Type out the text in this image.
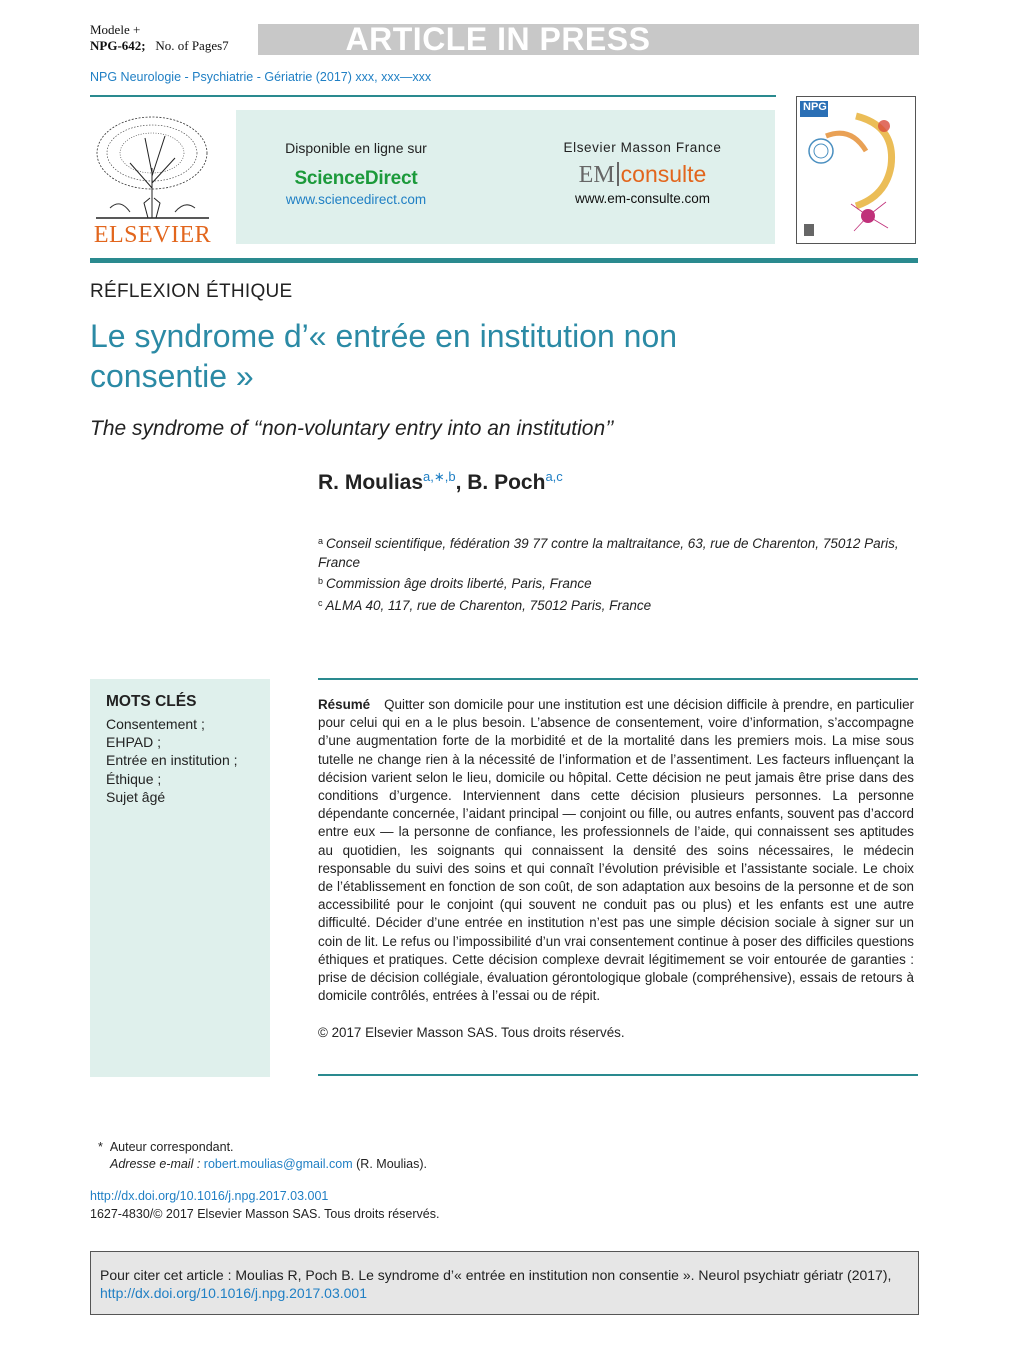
Modele +
NPG-642; No. of Pages7	ARTICLE IN PRESS
NPG Neurologie - Psychiatrie - Gériatrie (2017) xxx, xxx—xxx
ELSEVIER
Disponible en ligne sur
ScienceDirect
www.sciencedirect.com
Elsevier Masson France
EM consulte
www.em-consulte.com
NPG
RÉFLEXION ÉTHIQUE
Le syndrome d’« entrée en institution non
consentie »
The syndrome of ‘‘non-voluntary entry into an institution’’
R. Moulias$^{a,∗,b}$, B. Poch$^{a,c}$
$^a$ Conseil scientifique, fédération 39 77 contre la maltraitance, 63, rue de Charenton, 75012 Paris, France
$^b$ Commission âge droits liberté, Paris, France
$^c$ ALMA 40, 117, rue de Charenton, 75012 Paris, France
MOTS CLÉS
Consentement ;
EHPAD ;
Entrée en institution ;
Éthique ;
Sujet âgé
Résumé Quitter son domicile pour une institution est une décision difficile à prendre, en particulier pour celui qui en a le plus besoin. L’absence de consentement, voire d’information, s’accompagne d’une augmentation forte de la morbidité et de la mortalité dans les premiers mois. La mise sous tutelle ne change rien à la nécessité de l’information et de l’assentiment. Les facteurs influençant la décision varient selon le lieu, domicile ou hôpital. Cette décision ne peut jamais être prise dans des conditions d’urgence. Interviennent dans cette décision plusieurs personnes. La personne dépendante concernée, l’aidant principal — conjoint ou fille, ou autres enfants, souvent pas d’accord entre eux — la personne de confiance, les professionnels de l’aide, qui connaissent ses aptitudes au quotidien, les soignants qui connaissent la densité des soins nécessaires, le médecin responsable du suivi des soins et qui connaît l’évolution prévisible et l’assistante sociale. Le choix de l’établissement en fonction de son coût, de son adaptation aux besoins de la personne et de son accessibilité pour le conjoint (qui souvent ne conduit pas ou plus) et les enfants est une autre difficulté. Décider d’une entrée en institution n’est pas une simple décision sociale à signer sur un coin de lit. Le refus ou l’impossibilité d’un vrai consentement continue à poser des difficiles questions éthiques et pratiques. Cette décision complexe devrait légitimement se voir entourée de garanties : prise de décision collégiale, évaluation gérontologique globale (compréhensive), essais de retours à domicile contrôlés, entrées à l’essai ou de répit.
© 2017 Elsevier Masson SAS. Tous droits réservés.
* Auteur correspondant.
Adresse e-mail : robert.moulias@gmail.com (R. Moulias).
http://dx.doi.org/10.1016/j.npg.2017.03.001
1627-4830/© 2017 Elsevier Masson SAS. Tous droits réservés.
Pour citer cet article : Moulias R, Poch B. Le syndrome d’« entrée en institution non consentie ». Neurol psychiatr gériatr (2017), http://dx.doi.org/10.1016/j.npg.2017.03.001
